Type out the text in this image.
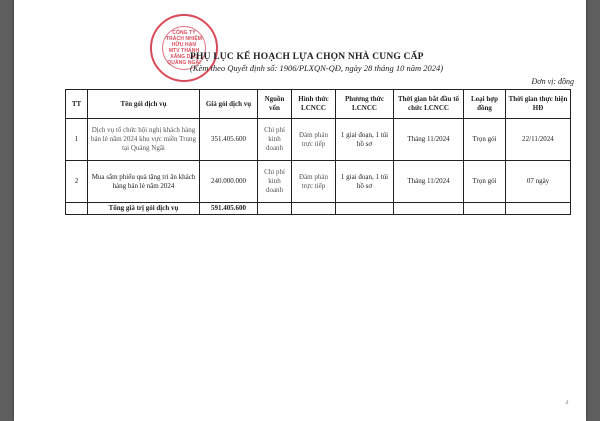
CÔNG TY
TRÁCH NHIỆM
HỮU HẠN
MTV THANH
XĂNG DẦU
QUẢNG NGÃI
PHỤ LỤC KẾ HOẠCH LỰA CHỌN NHÀ CUNG CẤP
(Kèm theo Quyết định số: 1906/PLXQN-QĐ, ngày 28 tháng 10 năm 2024)
Đơn vị: đồng
TT	Tên gói dịch vụ	Giá gói dịch vụ	Nguồn vốn	Hình thức LCNCC	Phương thức LCNCC	Thời gian bắt đầu tổ chức LCNCC	Loại hợp đồng	Thời gian thực hiện HĐ
1	Dịch vụ tổ chức hội nghị khách hàng bán lẻ năm 2024 khu vực miền Trung tại Quảng Ngãi	351.405.600	Chi phí kinh doanh	Đàm phán trực tiếp	1 giai đoạn, 1 túi hồ sơ	Tháng 11/2024	Trọn gói	22/11/2024
2	Mua sắm phiếu quà tặng tri ân khách hàng bán lẻ năm 2024	240.000.000	Chi phí kinh doanh	Đàm phán trực tiếp	1 giai đoạn, 1 túi hồ sơ	Tháng 11/2024	Trọn gói	07 ngày
	Tổng giá trị gói dịch vụ	591.405.600						
⁁
